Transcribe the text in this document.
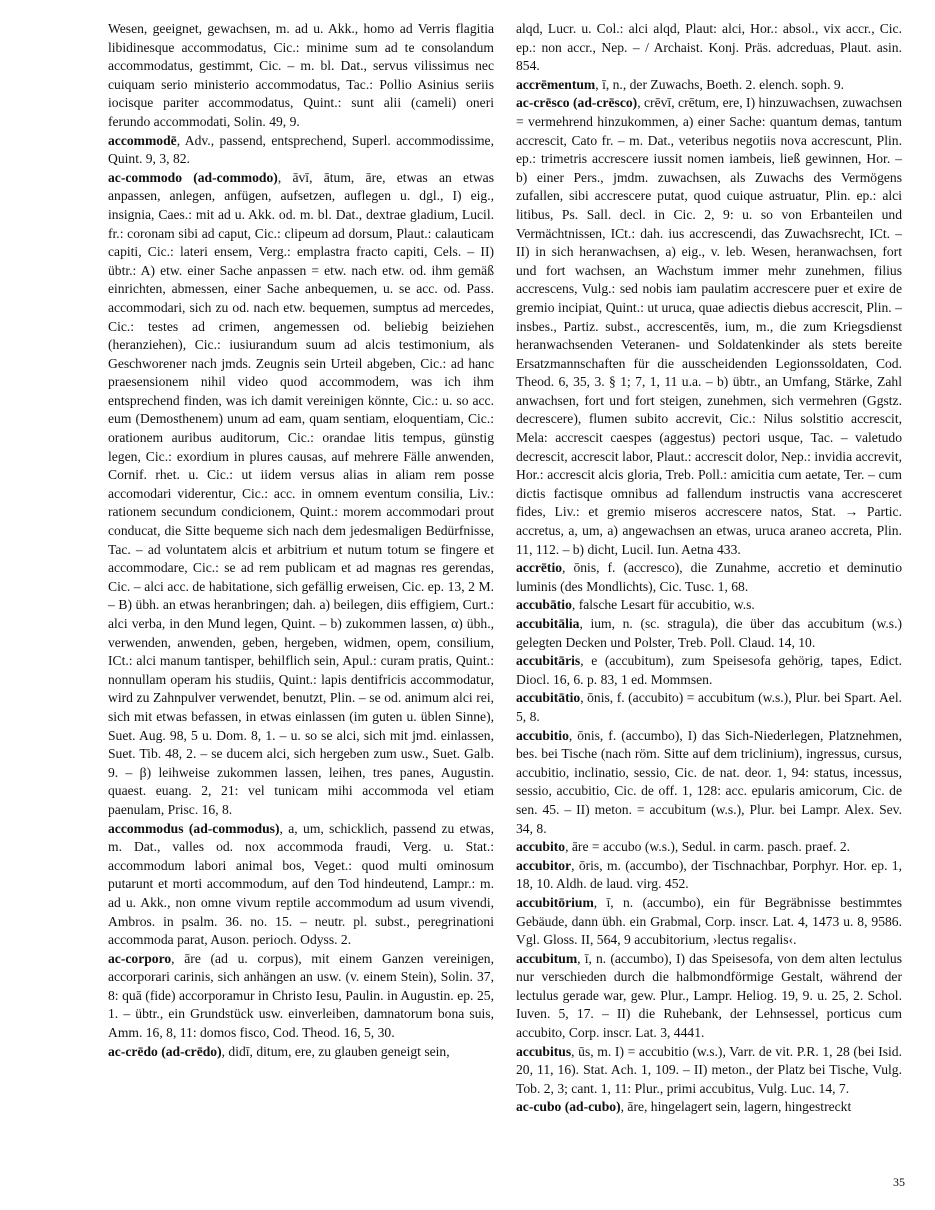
Wesen, geeignet, gewachsen, m. ad u. Akk., homo ad Verris flagitia libidinesque accommodatus, Cic.: minime sum ad te consolandum accommodatus, gestimmt, Cic. – m. bl. Dat., servus vilissimus nec cuiquam serio ministerio accommodatus, Tac.: Pollio Asinius seriis iocisque pariter accommodatus, Quint.: sunt alii (cameli) oneri ferundo accommodati, Solin. 49, 9.

accommodē, Adv., passend, entsprechend, Superl. accommodissime, Quint. 9, 3, 82.

ac-commodo (ad-commodo), āvī, ātum, āre, etwas an etwas anpassen, anlegen, anfügen, aufsetzen, auflegen u. dgl., I) eig., insignia, Caes.: mit ad u. Akk. od. m. bl. Dat., dextrae gladium, Lucil. fr.: coronam sibi ad caput, Cic.: clipeum ad dorsum, Plaut.: calauticam capiti, Cic.: lateri ensem, Verg.: emplastra fracto capiti, Cels. – II) übtr.: A) etw. einer Sache anpassen = etw. nach etw. od. ihm gemäß einrichten, abmessen, einer Sache anbequemen, u. se acc. od. Pass. accommodari, sich zu od. nach etw. bequemen, sumptus ad mercedes, Cic.: testes ad crimen, angemessen od. beliebig beiziehen (heranziehen), Cic.: iusiurandum suum ad alcis testimonium, als Geschworener nach jmds. Zeugnis sein Urteil abgeben, Cic.: ad hanc praesensionem nihil video quod accommodem, was ich ihm entsprechend finden, was ich damit vereinigen könnte, Cic.: u. so acc. eum (Demosthenem) unum ad eam, quam sentiam, eloquentiam, Cic.: orationem auribus auditorum, Cic.: orandae litis tempus, günstig legen, Cic.: exordium in plures causas, auf mehrere Fälle anwenden, Cornif. rhet. u. Cic.: ut iidem versus alias in aliam rem posse accomodari viderentur, Cic.: acc. in omnem eventum consilia, Liv.: rationem secundum condicionem, Quint.: morem accommodari prout conducat, die Sitte bequeme sich nach dem jedesmaligen Bedürfnisse, Tac. – ad voluntatem alcis et arbitrium et nutum totum se fingere et accommodare, Cic.: se ad rem publicam et ad magnas res gerendas, Cic. – alci acc. de habitatione, sich gefällig erweisen, Cic. ep. 13, 2 M. – B) übh. an etwas heranbringen; dah. a) beilegen, diis effigiem, Curt.: alci verba, in den Mund legen, Quint. – b) zukommen lassen, α) übh., verwenden, anwenden, geben, hergeben, widmen, opem, consilium, ICt.: alci manum tantisper, behilflich sein, Apul.: curam pratis, Quint.: nonnullam operam his studiis, Quint.: lapis dentifricis accommodatur, wird zu Zahnpulver verwendet, benutzt, Plin. – se od. animum alci rei, sich mit etwas befassen, in etwas einlassen (im guten u. üblen Sinne), Suet. Aug. 98, 5 u. Dom. 8, 1. – u. so se alci, sich mit jmd. einlassen, Suet. Tib. 48, 2. – se ducem alci, sich hergeben zum usw., Suet. Galb. 9. – β) leihweise zukommen lassen, leihen, tres panes, Augustin. quaest. euang. 2, 21: vel tunicam mihi accommoda vel etiam paenulam, Prisc. 16, 8.

accommodus (ad-commodus), a, um, schicklich, passend zu etwas, m. Dat., valles od. nox accommoda fraudi, Verg. u. Stat.: accommodum labori animal bos, Veget.: quod multi ominosum putarunt et morti accommodum, auf den Tod hindeutend, Lampr.: m. ad u. Akk., non omne vivum reptile accommodum ad usum vivendi, Ambros. in psalm. 36. no. 15. – neutr. pl. subst., peregrinationi accommoda parat, Auson. perioch. Odyss. 2.

ac-corporo, āre (ad u. corpus), mit einem Ganzen vereinigen, accorporari carinis, sich anhängen an usw. (v. einem Stein), Solin. 37, 8: quā (fide) accorporamur in Christo Iesu, Paulin. in Augustin. ep. 25, 1. – übtr., ein Grundstück usw. einverleiben, damnatorum bona suis, Amm. 16, 8, 11: domos fisco, Cod. Theod. 16, 5, 30.

ac-crēdo (ad-crēdo), didī, ditum, ere, zu glauben geneigt sein,

alqd, Lucr. u. Col.: alci alqd, Plaut: alci, Hor.: absol., vix accr., Cic. ep.: non accr., Nep. – / Archaist. Konj. Präs. adcreduas, Plaut. asin. 854.

accrēmentum, ī, n., der Zuwachs, Boeth. 2. elench. soph. 9.

ac-crēsco (ad-crēsco), crēvī, crētum, ere, I) hinzuwachsen, zuwachsen = vermehrend hinzukommen, a) einer Sache: quantum demas, tantum accrescit, Cato fr. – m. Dat., veteribus negotiis nova accrescunt, Plin. ep.: trimetris accrescere iussit nomen iambeis, ließ gewinnen, Hor. – b) einer Pers., jmdm. zuwachsen, als Zuwachs des Vermögens zufallen, sibi accrescere putat, quod cuique astruatur, Plin. ep.: alci litibus, Ps. Sall. decl. in Cic. 2, 9: u. so von Erbanteilen und Vermächtnissen, ICt.: dah. ius accrescendi, das Zuwachsrecht, ICt. – II) in sich heranwachsen, a) eig., v. leb. Wesen, heranwachsen, fort und fort wachsen, an Wachstum immer mehr zunehmen, filius accrescens, Vulg.: sed nobis iam paulatim accrescere puer et exire de gremio incipiat, Quint.: ut uruca, quae adiectis diebus accrescit, Plin. – insbes., Partiz. subst., accrescentēs, ium, m., die zum Kriegsdienst heranwachsenden Veteranen- und Soldatenkinder als stets bereite Ersatzmannschaften für die ausscheidenden Legionssoldaten, Cod. Theod. 6, 35, 3. § 1; 7, 1, 11 u.a. – b) übtr., an Umfang, Stärke, Zahl anwachsen, fort und fort steigen, zunehmen, sich vermehren (Ggstz. decrescere), flumen subito accrevit, Cic.: Nilus solstitio accrescit, Mela: accrescit caespes (aggestus) pectori usque, Tac. – valetudo decrescit, accrescit labor, Plaut.: accrescit dolor, Nep.: invidia accrevit, Hor.: accrescit alcis gloria, Treb. Poll.: amicitia cum aetate, Ter. – cum dictis factisque omnibus ad fallendum instructis vana accresceret fides, Liv.: et gremio miseros accrescere natos, Stat. → Partic. accretus, a, um, a) angewachsen an etwas, uruca araneo accreta, Plin. 11, 112. – b) dicht, Lucil. Iun. Aetna 433.

accrētio, ōnis, f. (accresco), die Zunahme, accretio et deminutio luminis (des Mondlichts), Cic. Tusc. 1, 68.

accubātio, falsche Lesart für accubitio, w.s.

accubitālia, ium, n. (sc. stragula), die über das accubitum (w.s.) gelegten Decken und Polster, Treb. Poll. Claud. 14, 10.

accubitāris, e (accubitum), zum Speisesofa gehörig, tapes, Edict. Diocl. 16, 6. p. 83, 1 ed. Mommsen.

accubitātio, ōnis, f. (accubito) = accubitum (w.s.), Plur. bei Spart. Ael. 5, 8.

accubitio, ōnis, f. (accumbo), I) das Sich-Niederlegen, Platznehmen, bes. bei Tische (nach röm. Sitte auf dem triclinium), ingressus, cursus, accubitio, inclinatio, sessio, Cic. de nat. deor. 1, 94: status, incessus, sessio, accubitio, Cic. de off. 1, 128: acc. epularis amicorum, Cic. de sen. 45. – II) meton. = accubitum (w.s.), Plur. bei Lampr. Alex. Sev. 34, 8.

accubito, āre = accubo (w.s.), Sedul. in carm. pasch. praef. 2.

accubitor, ōris, m. (accumbo), der Tischnachbar, Porphyr. Hor. ep. 1, 18, 10. Aldh. de laud. virg. 452.

accubitōrium, ī, n. (accumbo), ein für Begräbnisse bestimmtes Gebäude, dann übh. ein Grabmal, Corp. inscr. Lat. 4, 1473 u. 8, 9586. Vgl. Gloss. II, 564, 9 accubitorium, ›lectus regalis‹.

accubitum, ī, n. (accumbo), I) das Speisesofa, von dem alten lectulus nur verschieden durch die halbmondförmige Gestalt, während der lectulus gerade war, gew. Plur., Lampr. Heliog. 19, 9. u. 25, 2. Schol. Iuven. 5, 17. – II) die Ruhebank, der Lehnsessel, porticus cum accubito, Corp. inscr. Lat. 3, 4441.

accubitus, ūs, m. I) = accubitio (w.s.), Varr. de vit. P.R. 1, 28 (bei Isid. 20, 11, 16). Stat. Ach. 1, 109. – II) meton., der Platz bei Tische, Vulg. Tob. 2, 3; cant. 1, 11: Plur., primi accubitus, Vulg. Luc. 14, 7.

ac-cubo (ad-cubo), āre, hingelagert sein, lagern, hingestreckt

35
